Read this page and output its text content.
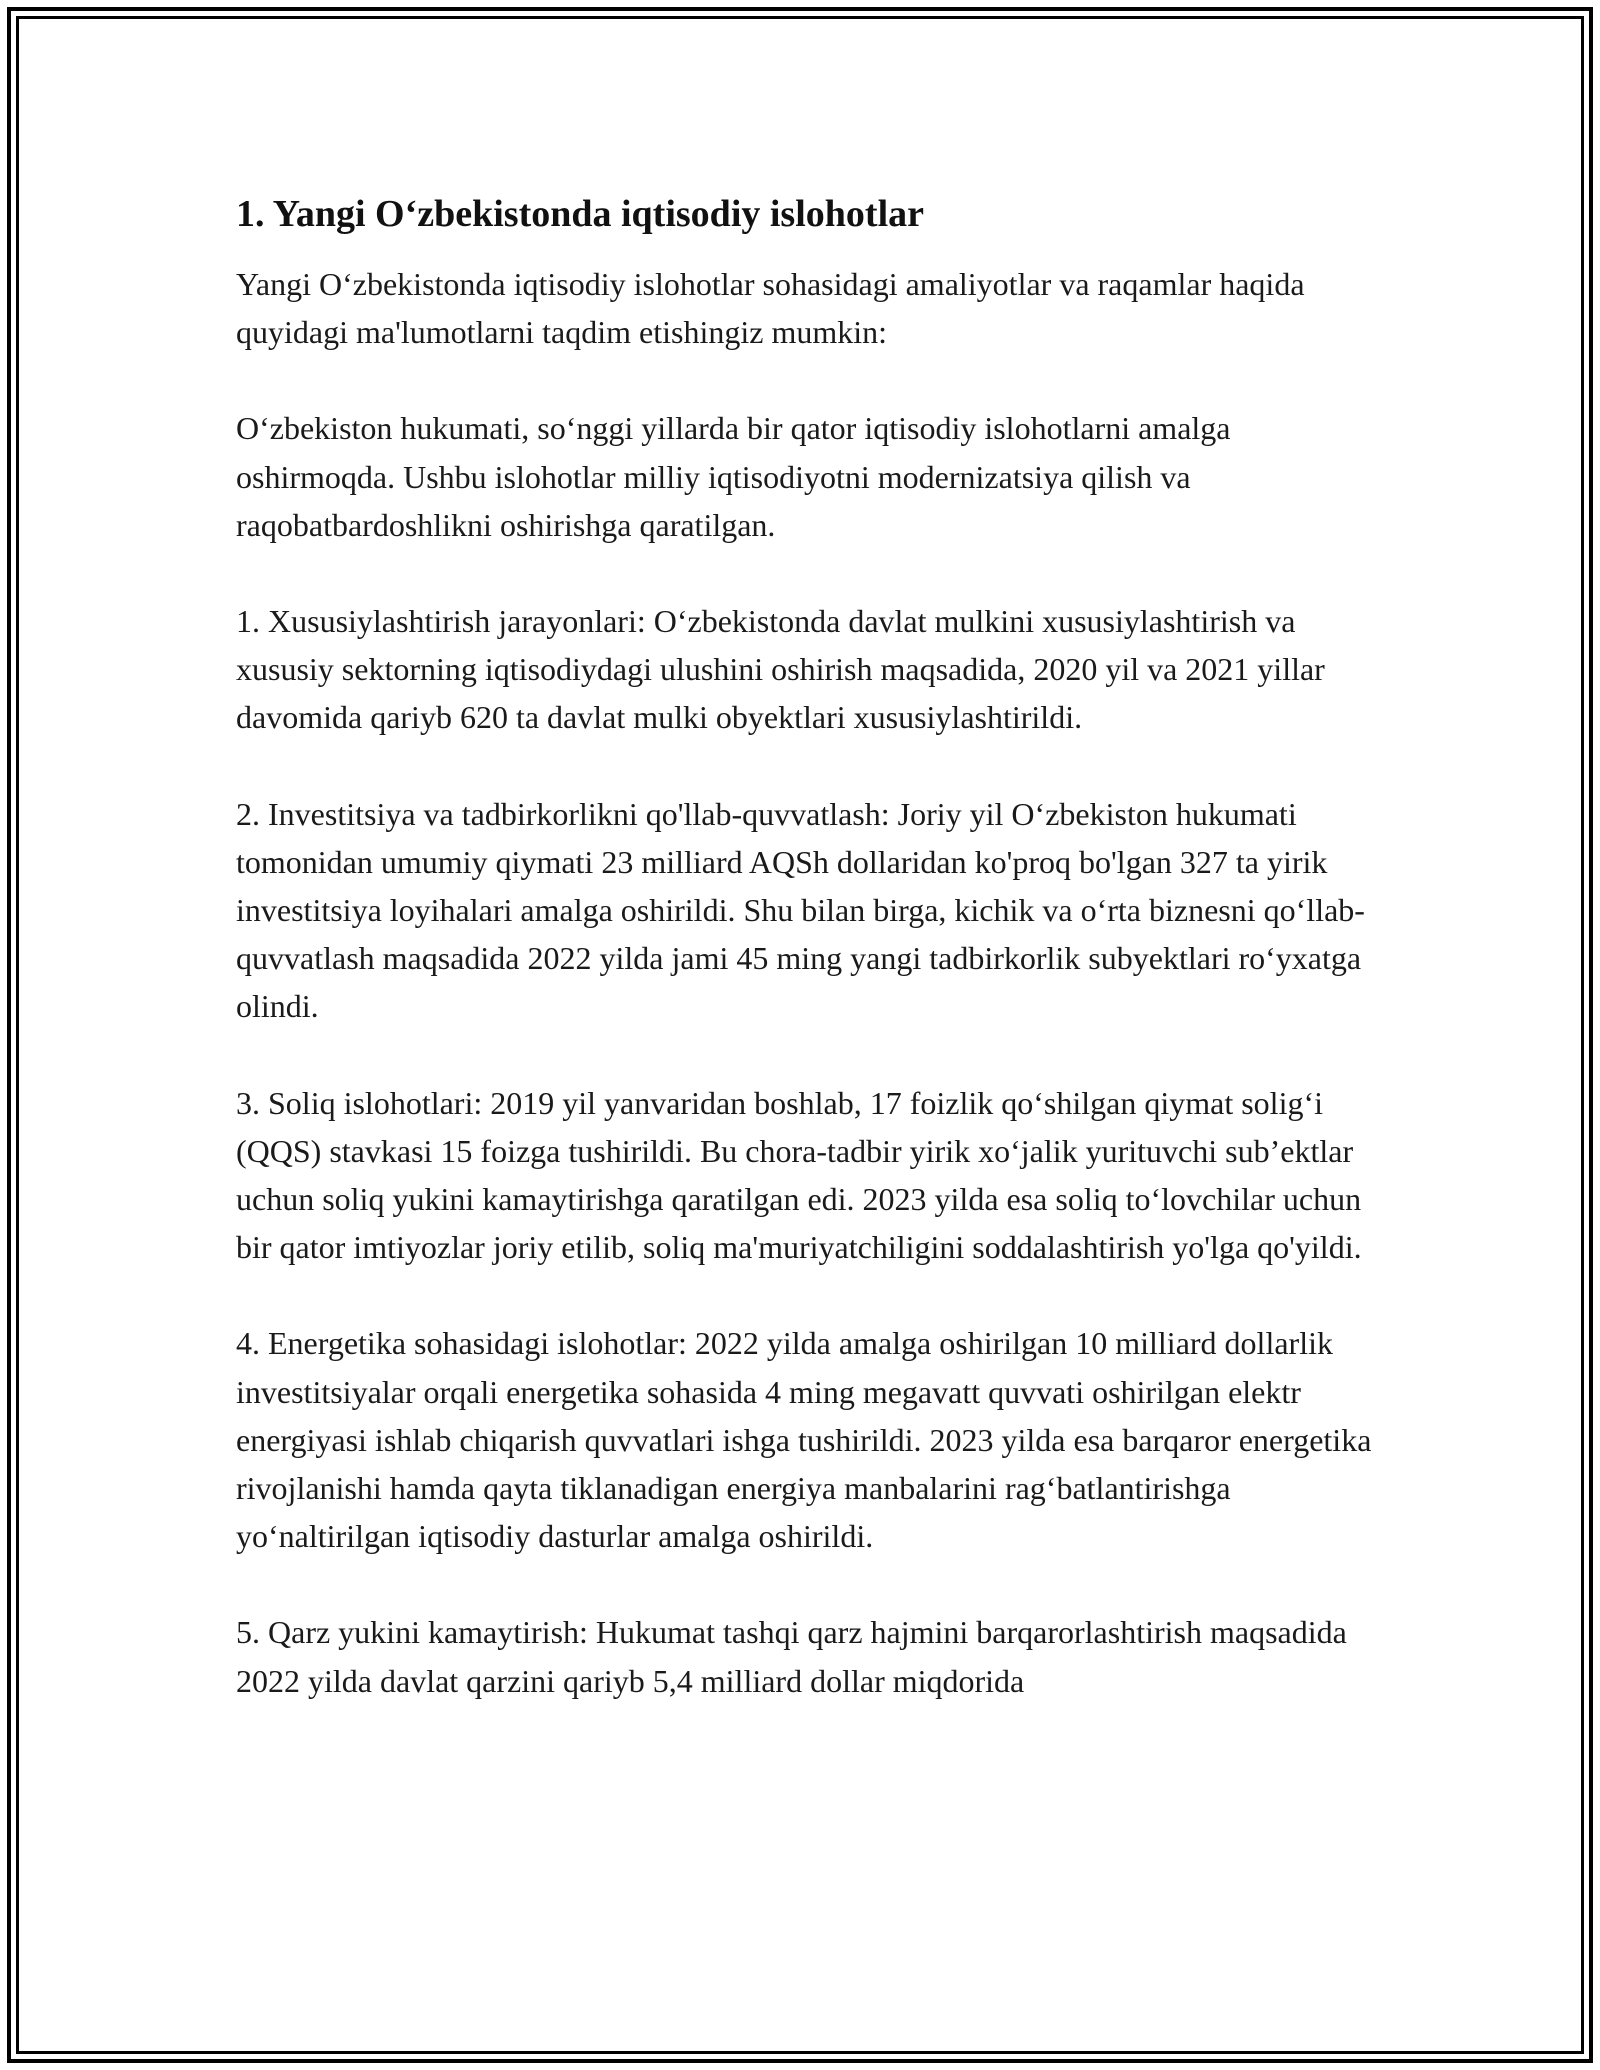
1. Yangi O‘zbekistonda iqtisodiy islohotlar

Yangi O‘zbekistonda iqtisodiy islohotlar sohasidagi amaliyotlar va raqamlar haqida quyidagi ma'lumotlarni taqdim etishingiz mumkin:

O‘zbekiston hukumati, so‘nggi yillarda bir qator iqtisodiy islohotlarni amalga oshirmoqda. Ushbu islohotlar milliy iqtisodiyotni modernizatsiya qilish va raqobatbardoshlikni oshirishga qaratilgan.

1. Xususiylashtirish jarayonlari: O‘zbekistonda davlat mulkini xususiylashtirish va xususiy sektorning iqtisodiydagi ulushini oshirish maqsadida, 2020 yil va 2021 yillar davomida qariyb 620 ta davlat mulki obyektlari xususiylashtirildi.

2. Investitsiya va tadbirkorlikni qo'llab-quvvatlash: Joriy yil O‘zbekiston hukumati tomonidan umumiy qiymati 23 milliard AQSh dollaridan ko'proq bo'lgan 327 ta yirik investitsiya loyihalari amalga oshirildi. Shu bilan birga, kichik va o‘rta biznesni qo‘llab-quvvatlash maqsadida 2022 yilda jami 45 ming yangi tadbirkorlik subyektlari ro‘yxatga olindi.

3. Soliq islohotlari: 2019 yil yanvaridan boshlab, 17 foizlik qo‘shilgan qiymat solig‘i (QQS) stavkasi 15 foizga tushirildi. Bu chora-tadbir yirik xo‘jalik yurituvchi sub’ektlar uchun soliq yukini kamaytirishga qaratilgan edi. 2023 yilda esa soliq to‘lovchilar uchun bir qator imtiyozlar joriy etilib, soliq ma'muriyatchiligini soddalashtirish yo'lga qo'yildi.

4. Energetika sohasidagi islohotlar: 2022 yilda amalga oshirilgan 10 milliard dollarlik investitsiyalar orqali energetika sohasida 4 ming megavatt quvvati oshirilgan elektr energiyasi ishlab chiqarish quvvatlari ishga tushirildi. 2023 yilda esa barqaror energetika rivojlanishi hamda qayta tiklanadigan energiya manbalarini rag‘batlantirishga yo‘naltirilgan iqtisodiy dasturlar amalga oshirildi.

5. Qarz yukini kamaytirish: Hukumat tashqi qarz hajmini barqarorlashtirish maqsadida 2022 yilda davlat qarzini qariyb 5,4 milliard dollar miqdorida
